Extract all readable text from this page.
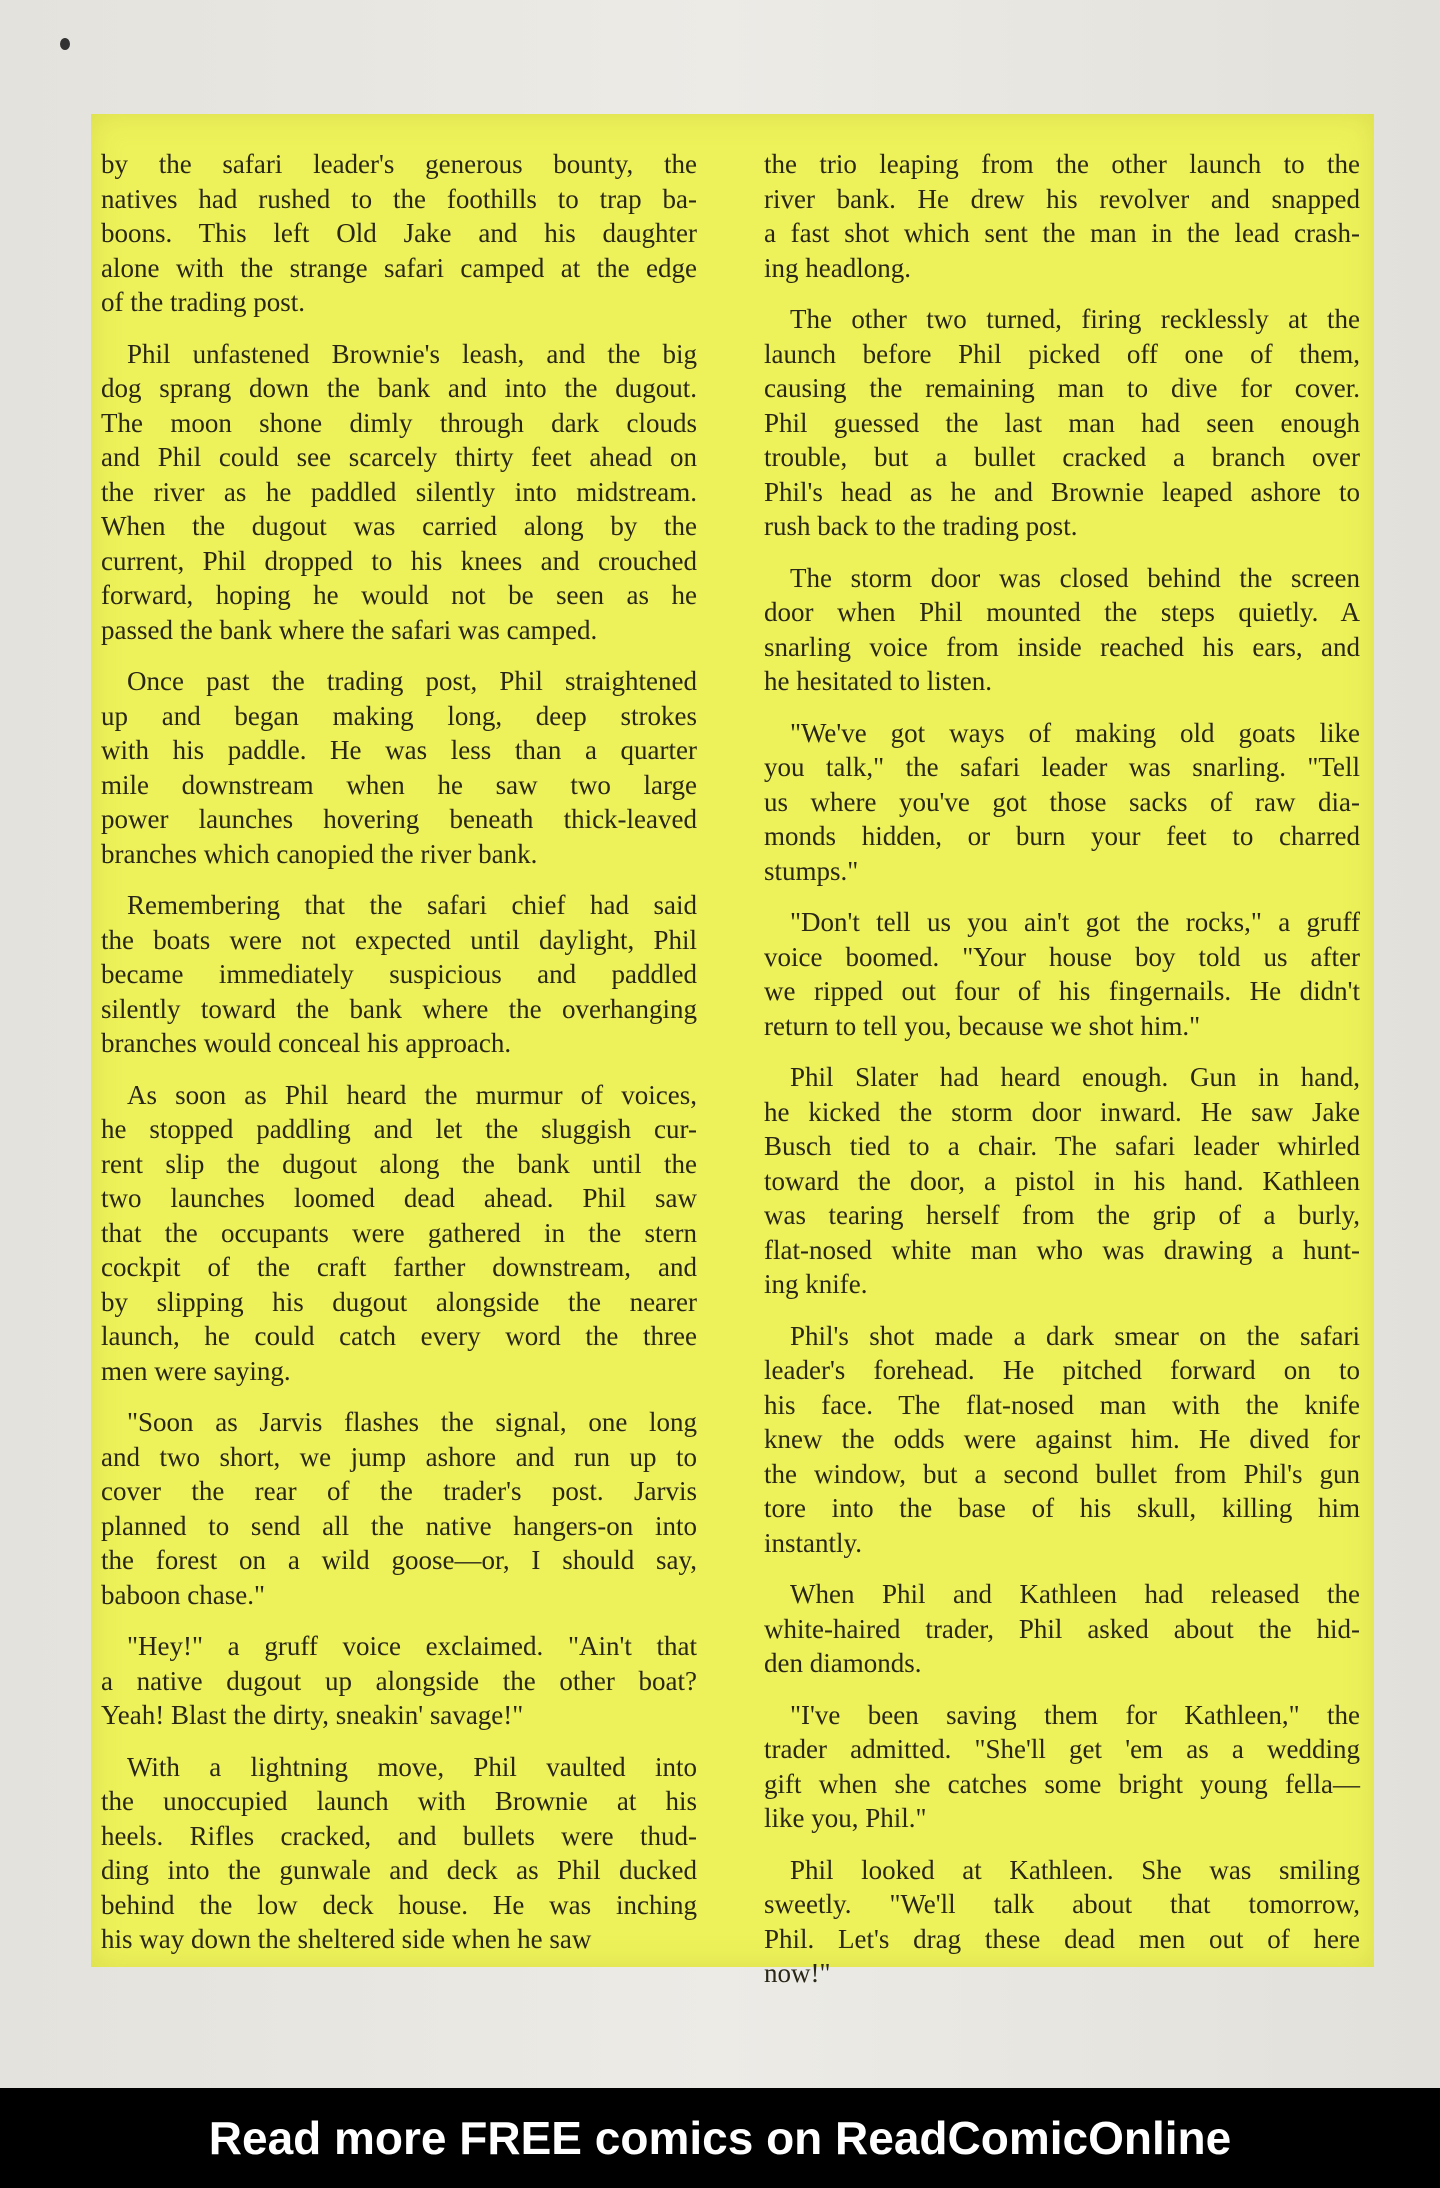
by the safari leader's generous bounty, the
natives had rushed to the foothills to trap ba-
boons. This left Old Jake and his daughter
alone with the strange safari camped at the edge
of the trading post.
Phil unfastened Brownie's leash, and the big
dog sprang down the bank and into the dugout.
The moon shone dimly through dark clouds
and Phil could see scarcely thirty feet ahead on
the river as he paddled silently into midstream.
When the dugout was carried along by the
current, Phil dropped to his knees and crouched
forward, hoping he would not be seen as he
passed the bank where the safari was camped.
Once past the trading post, Phil straightened
up and began making long, deep strokes
with his paddle. He was less than a quarter
mile downstream when he saw two large
power launches hovering beneath thick-leaved
branches which canopied the river bank.
Remembering that the safari chief had said
the boats were not expected until daylight, Phil
became immediately suspicious and paddled
silently toward the bank where the overhanging
branches would conceal his approach.
As soon as Phil heard the murmur of voices,
he stopped paddling and let the sluggish cur-
rent slip the dugout along the bank until the
two launches loomed dead ahead. Phil saw
that the occupants were gathered in the stern
cockpit of the craft farther downstream, and
by slipping his dugout alongside the nearer
launch, he could catch every word the three
men were saying.
"Soon as Jarvis flashes the signal, one long
and two short, we jump ashore and run up to
cover the rear of the trader's post. Jarvis
planned to send all the native hangers-on into
the forest on a wild goose—or, I should say,
baboon chase."
"Hey!" a gruff voice exclaimed. "Ain't that
a native dugout up alongside the other boat?
Yeah! Blast the dirty, sneakin' savage!"
With a lightning move, Phil vaulted into
the unoccupied launch with Brownie at his
heels. Rifles cracked, and bullets were thud-
ding into the gunwale and deck as Phil ducked
behind the low deck house. He was inching
his way down the sheltered side when he saw
the trio leaping from the other launch to the
river bank. He drew his revolver and snapped
a fast shot which sent the man in the lead crash-
ing headlong.
The other two turned, firing recklessly at the
launch before Phil picked off one of them,
causing the remaining man to dive for cover.
Phil guessed the last man had seen enough
trouble, but a bullet cracked a branch over
Phil's head as he and Brownie leaped ashore to
rush back to the trading post.
The storm door was closed behind the screen
door when Phil mounted the steps quietly. A
snarling voice from inside reached his ears, and
he hesitated to listen.
"We've got ways of making old goats like
you talk," the safari leader was snarling. "Tell
us where you've got those sacks of raw dia-
monds hidden, or burn your feet to charred
stumps."
"Don't tell us you ain't got the rocks," a gruff
voice boomed. "Your house boy told us after
we ripped out four of his fingernails. He didn't
return to tell you, because we shot him."
Phil Slater had heard enough. Gun in hand,
he kicked the storm door inward. He saw Jake
Busch tied to a chair. The safari leader whirled
toward the door, a pistol in his hand. Kathleen
was tearing herself from the grip of a burly,
flat-nosed white man who was drawing a hunt-
ing knife.
Phil's shot made a dark smear on the safari
leader's forehead. He pitched forward on to
his face. The flat-nosed man with the knife
knew the odds were against him. He dived for
the window, but a second bullet from Phil's gun
tore into the base of his skull, killing him
instantly.
When Phil and Kathleen had released the
white-haired trader, Phil asked about the hid-
den diamonds.
"I've been saving them for Kathleen," the
trader admitted. "She'll get 'em as a wedding
gift when she catches some bright young fella—
like you, Phil."
Phil looked at Kathleen. She was smiling
sweetly. "We'll talk about that tomorrow,
Phil. Let's drag these dead men out of here
now!"
Read more FREE comics on ReadComicOnline
